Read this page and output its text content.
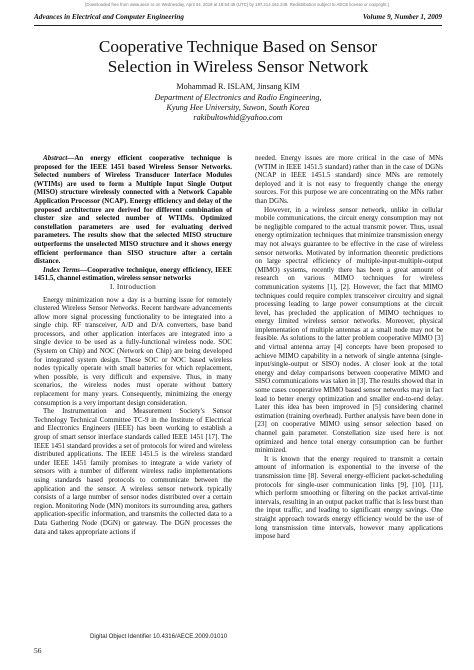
[Downloaded free from www.aece.ro on Wednesday, April 04, 2018 at 18:54:48 (UTC) by 197.214.162.249. Redistribution subject to AECE license or copyright.]
Advances in Electrical and Computer Engineering	Volume 9, Number 1, 2009
Cooperative Technique Based on Sensor
Selection in Wireless Sensor Network
Mohammad R. ISLAM, Jinsang KIM
Department of Electronics and Radio Engineering,
Kyung Hee University, Suwon, South Korea
rakibultowhid@yahoo.com

Abstract—An energy efficient cooperative technique is proposed for the IEEE 1451 based Wireless Sensor Networks. Selected numbers of Wireless Transducer Interface Modules (WTIMs) are used to form a Multiple Input Single Output (MISO) structure wirelessly connected with a Network Capable Application Processor (NCAP). Energy efficiency and delay of the proposed architecture are derived for different combination of cluster size and selected number of WTIMs. Optimized constellation parameters are used for evaluating derived parameters. The results show that the selected MISO structure outperforms the unselected MISO structure and it shows energy efficient performance than SISO structure after a certain distance.

Index Terms—Cooperative technique, energy efficiency, IEEE 1451.5, channel estimation, wireless sensor networks

I. Introduction

Energy minimization now a day is a burning issue for remotely clustered Wireless Sensor Networks. Recent hardware advancements allow more signal processing functionality to be integrated into a single chip. RF transceiver, A/D and D/A converters, base band processors, and other application interfaces are integrated into a single device to be used as a fully-functional wireless node. SOC (System on Chip) and NOC (Network on Chip) are being developed for integrated system design. These SOC or NOC based wireless nodes typically operate with small batteries for which replacement, when possible, is very difficult and expensive. Thus, in many scenarios, the wireless nodes must operate without battery replacement for many years. Consequently, minimizing the energy consumption is a very important design consideration.

The Instrumentation and Measurement Society's Sensor Technology Technical Committee TC-9 in the Institute of Electrical and Electronics Engineers (IEEE) has been working to establish a group of smart sensor interface standards called IEEE 1451 [17]. The IEEE 1451 standard provides a set of protocols for wired and wireless distributed applications. The IEEE 1451.5 is the wireless standard under IEEE 1451 family promises to integrate a wide variety of sensors with a number of different wireless radio implementations using standards based protocols to communicate between the application and the sensor. A wireless sensor network typically consists of a large number of sensor nodes distributed over a certain region. Monitoring Node (MN) monitors its surrounding area, gathers application-specific information, and transmits the collected data to a Data Gathering Node (DGN) or gateway. The DGN processes the data and takes appropriate actions if

needed. Energy issues are more critical in the case of MNs (WTIM in IEEE 1451.5 standard) rather than in the case of DGNs (NCAP in IEEE 1451.5 standard) since MNs are remotely deployed and it is not easy to frequently change the energy sources. For this purpose we are concentrating on the MNs rather than DGNs.

However, in a wireless sensor network, unlike in cellular mobile communications, the circuit energy consumption may not be negligible compared to the actual transmit power. Thus, usual energy optimization techniques that minimize transmission energy may not always guarantee to be effective in the case of wireless sensor networks. Motivated by information theoretic predictions on large spectral efficiency of multiple-input-multiple-output (MIMO) systems, recently there has been a great amount of research on various MIMO techniques for wireless communication systems [1], [2]. However, the fact that MIMO techniques could require complex transceiver circuitry and signal processing leading to large power consumptions at the circuit level, has precluded the application of MIMO techniques to energy limited wireless sensor networks. Moreover, physical implementation of multiple antennas at a small node may not be feasible. As solutions to the latter problem cooperative MIMO [3] and virtual antenna array [4] concepts have been proposed to achieve MIMO capability in a network of single antenna (single-input/single-output or SISO) nodes. A closer look at the total energy and delay comparisons between cooperative MIMO and SISO communications was taken in [3]. The results showed that in some cases cooperative MIMO based sensor networks may in fact lead to better energy optimization and smaller end-to-end delay. Later this idea has been improved in [5] considering channel estimation (training overhead). Further analysis have been done in [23] on cooperative MIMO using sensor selection based on channel gain parameter. Constellation size used here is not optimized and hence total energy consumption can be further minimized.

It is known that the energy required to transmit a certain amount of information is exponential to the inverse of the transmission time [8]. Several energy-efficient packet-scheduling protocols for single-user communication links [9], [10], [11], which perform smoothing or filtering on the packet arrival-time intervals, resulting in an output packet traffic that is less burst than the input traffic, and leading to significant energy savings. One straight approach towards energy efficiency would be the use of long transmission time intervals, however many applications impose hard

Digital Object Identifier 10.4316/AECE.2009.01010
56
